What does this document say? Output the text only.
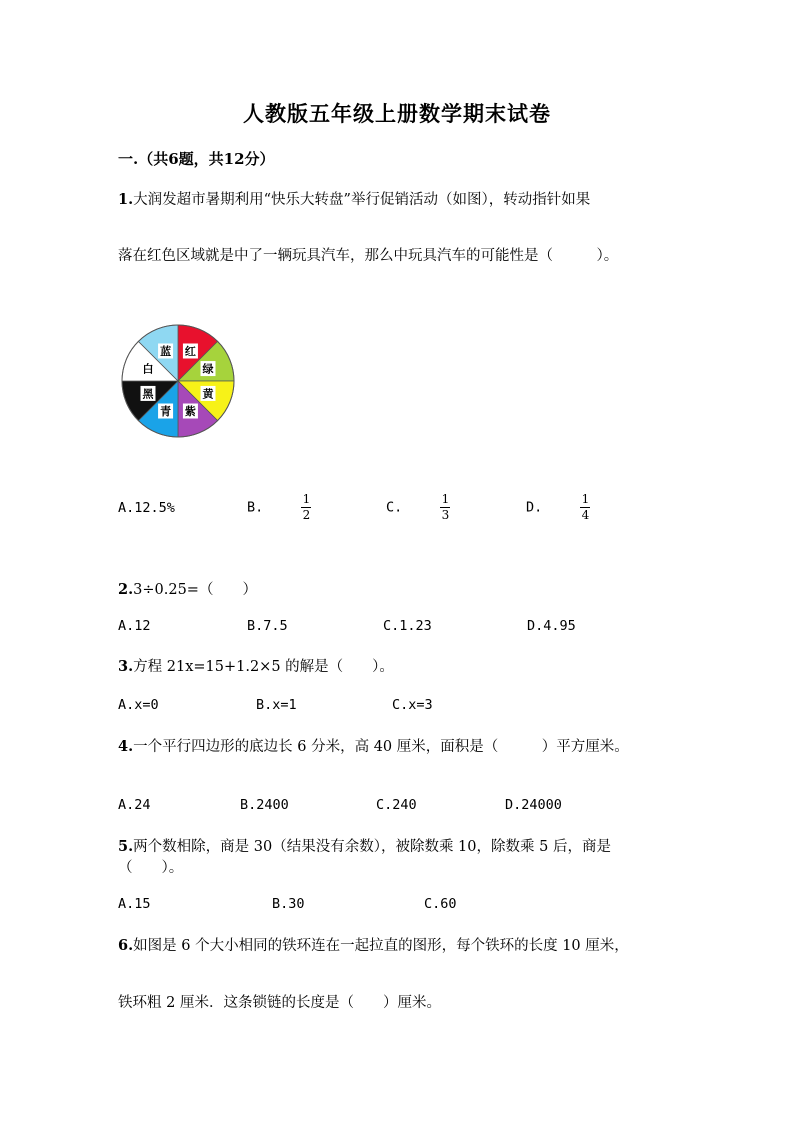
人教版五年级上册数学期末试卷
一.（共6题，共12分）
1.大润发超市暑期利用“快乐大转盘”举行促销活动（如图），转动指针如果
落在红色区域就是中了一辆玩具汽车，那么中玩具汽车的可能性是（　　　）。
红
绿
黄
紫
青
黑
白
蓝
A.12.5%	B.	$\frac{1}{2}$	C.	$\frac{1}{3}$	D.	$\frac{1}{4}$
2.3÷0.25=（　　）
A.12	B.7.5	C.1.23	D.4.95
3.方程 21x=15+1.2×5 的解是（　　）。
A.x=0	B.x=1	C.x=3
4.一个平行四边形的底边长 6 分米，高 40 厘米，面积是（　　　）平方厘米。
A.24	B.2400	C.240	D.24000
5.两个数相除，商是 30（结果没有余数），被除数乘 10，除数乘 5 后，商是
（　　）。
A.15	B.30	C.60
6.如图是 6 个大小相同的铁环连在一起拉直的图形，每个铁环的长度 10 厘米，
铁环粗 2 厘米．这条锁链的长度是（　　）厘米。
